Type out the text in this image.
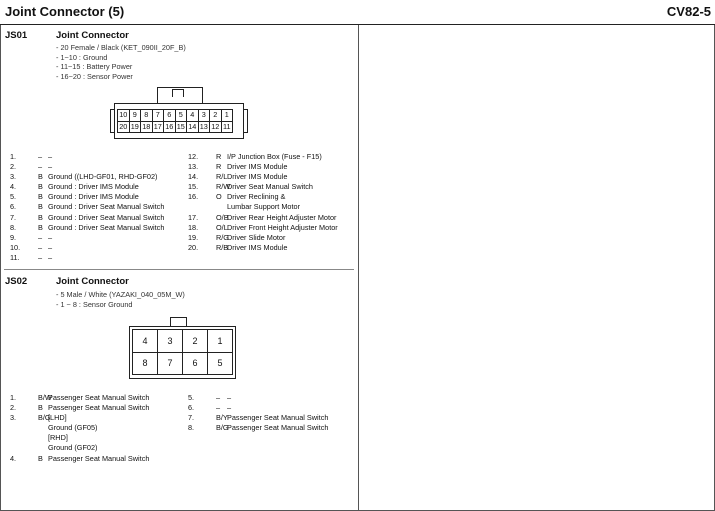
Joint Connector (5)	CV82-5
JS01	Joint Connector
- 20 Female / Black (KET_090II_20F_B)
- 1~10 : Ground
- 11~15 : Battery Power
- 16~20 : Sensor Power
10	9	8	7	6	5	4	3	2	1
20	19	18	17	16	15	14	13	12	11
1.	– –
2.	– –
3.	B Ground ((LHD-GF01, RHD-GF02)
4.	B Ground : Driver IMS Module
5.	B Ground : Driver IMS Module
6.	B Ground : Driver Seat Manual Switch
7.	B Ground : Driver Seat Manual Switch
8.	B Ground : Driver Seat Manual Switch
9.	– –
10.	– –
11.	– –
12.	R I/P Junction Box (Fuse - F15)
13.	R Driver IMS Module
14.	R/L Driver IMS Module
15.	R/W
Driver Seat Manual Switch
16.	O Driver Reclining &
Lumbar Support Motor
17.	O/B
Driver Rear Height Adjuster Motor
18.	O/L Driver Front Height Adjuster Motor
19.	R/G
Driver Slide Motor
20.	R/B
Driver IMS Module
JS02	Joint Connector
- 5 Male / White (YAZAKI_040_05M_W)
- 1 ~ 8 : Sensor Ground
4	3	2	1
8	7	6	5
1.	B/W
Passenger Seat Manual Switch
2.	B Passenger Seat Manual Switch
3.	B/G
[LHD]
Ground (GF05)
[RHD]
Ground (GF02)
4.	B Passenger Seat Manual Switch
5.	– –
6.	– –
7.	B/Y Passenger Seat Manual Switch
8.	B/G
Passenger Seat Manual Switch
